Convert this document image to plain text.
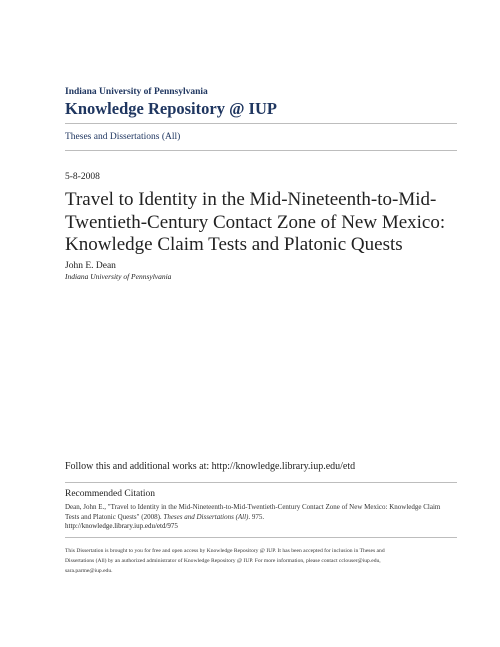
Indiana University of Pennsylvania
Knowledge Repository @ IUP
Theses and Dissertations (All)
5-8-2008
Travel to Identity in the Mid-Nineteenth-to-Mid-
Twentieth-Century Contact Zone of New Mexico:
Knowledge Claim Tests and Platonic Quests
John E. Dean
Indiana University of Pennsylvania
Follow this and additional works at: http://knowledge.library.iup.edu/etd
Recommended Citation
Dean, John E., "Travel to Identity in the Mid-Nineteenth-to-Mid-Twentieth-Century Contact Zone of New Mexico: Knowledge Claim
Tests and Platonic Quests" (2008). Theses and Dissertations (All). 975.
http://knowledge.library.iup.edu/etd/975
This Dissertation is brought to you for free and open access by Knowledge Repository @ IUP. It has been accepted for inclusion in Theses and
Dissertations (All) by an authorized administrator of Knowledge Repository @ IUP. For more information, please contact cclouser@iup.edu,
sara.parme@iup.edu.
